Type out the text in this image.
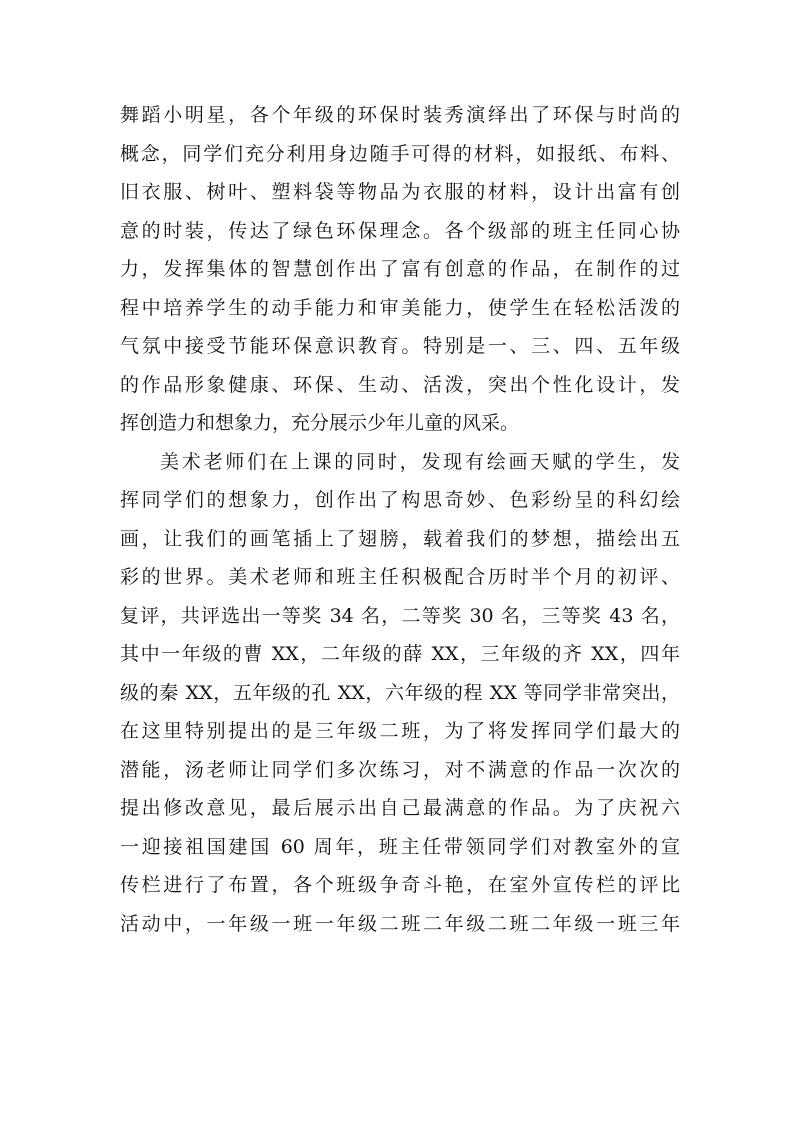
舞蹈小明星，各个年级的环保时装秀演绎出了环保与时尚的
概念，同学们充分利用身边随手可得的材料，如报纸、布料、
旧衣服、树叶、塑料袋等物品为衣服的材料，设计出富有创
意的时装，传达了绿色环保理念。各个级部的班主任同心协
力，发挥集体的智慧创作出了富有创意的作品，在制作的过
程中培养学生的动手能力和审美能力，使学生在轻松活泼的
气氛中接受节能环保意识教育。特别是一、三、四、五年级
的作品形象健康、环保、生动、活泼，突出个性化设计，发
挥创造力和想象力，充分展示少年儿童的风采。
美术老师们在上课的同时，发现有绘画天赋的学生，发
挥同学们的想象力，创作出了构思奇妙、色彩纷呈的科幻绘
画，让我们的画笔插上了翅膀，载着我们的梦想，描绘出五
彩的世界。美术老师和班主任积极配合历时半个月的初评、
复评，共评选出一等奖 34 名，二等奖 30 名，三等奖 43 名，
其中一年级的曹 XX，二年级的薛 XX，三年级的齐 XX，四年
级的秦 XX，五年级的孔 XX，六年级的程 XX 等同学非常突出，
在这里特别提出的是三年级二班，为了将发挥同学们最大的
潜能，汤老师让同学们多次练习，对不满意的作品一次次的
提出修改意见，最后展示出自己最满意的作品。为了庆祝六
一迎接祖国建国 60 周年，班主任带领同学们对教室外的宣
传栏进行了布置，各个班级争奇斗艳，在室外宣传栏的评比
活动中，一年级一班一年级二班二年级二班二年级一班三年
